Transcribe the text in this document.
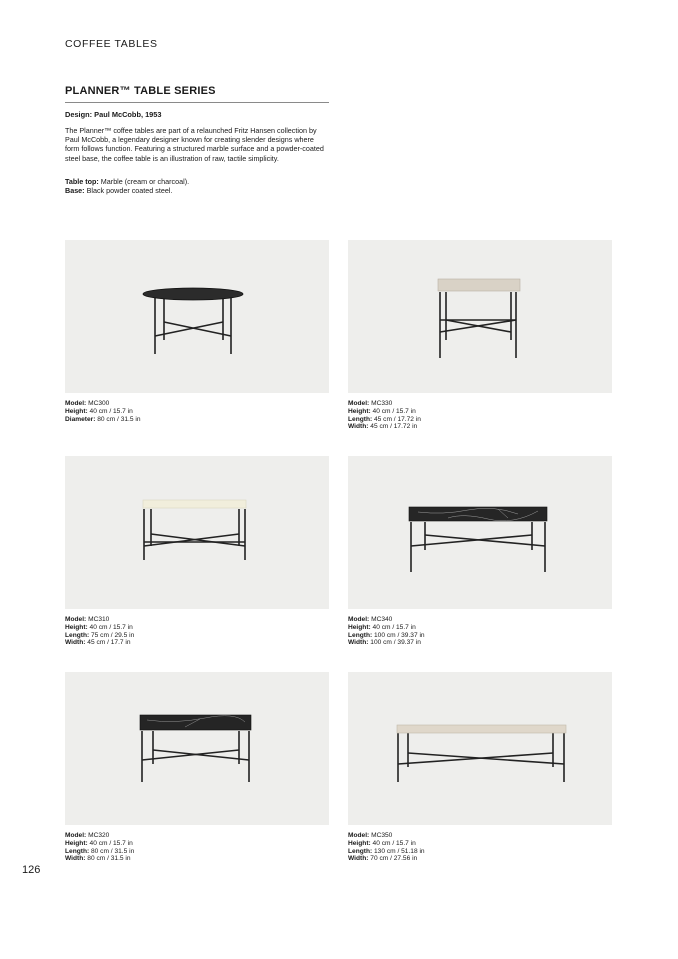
COFFEE TABLES
PLANNER™ TABLE SERIES
Design: Paul McCobb, 1953

The Planner™ coffee tables are part of a relaunched Fritz Hansen collection by Paul McCobb, a legendary designer known for creating slender designs where form follows function. Featuring a structured marble surface and a powder-coated steel base, the coffee table is an illustration of raw, tactile simplicity.

Table top: Marble (cream or charcoal).
Base: Black powder coated steel.
Model: MC300
Height: 40 cm / 15.7 in
Diameter: 80 cm / 31.5 in
Model: MC330
Height: 40 cm / 15.7 in
Length: 45 cm / 17.72 in
Width: 45 cm / 17.72 in
Model: MC310
Height: 40 cm / 15.7 in
Length: 75 cm / 29.5 in
Width: 45 cm / 17.7 in
Model: MC340
Height: 40 cm / 15.7 in
Length: 100 cm / 39.37 in
Width: 100 cm / 39.37 in
Model: MC320
Height: 40 cm / 15.7 in
Length: 80 cm / 31.5 in
Width: 80 cm / 31.5 in
Model: MC350
Height: 40 cm / 15.7 in
Length: 130 cm / 51.18 in
Width: 70 cm / 27.56 in
126
